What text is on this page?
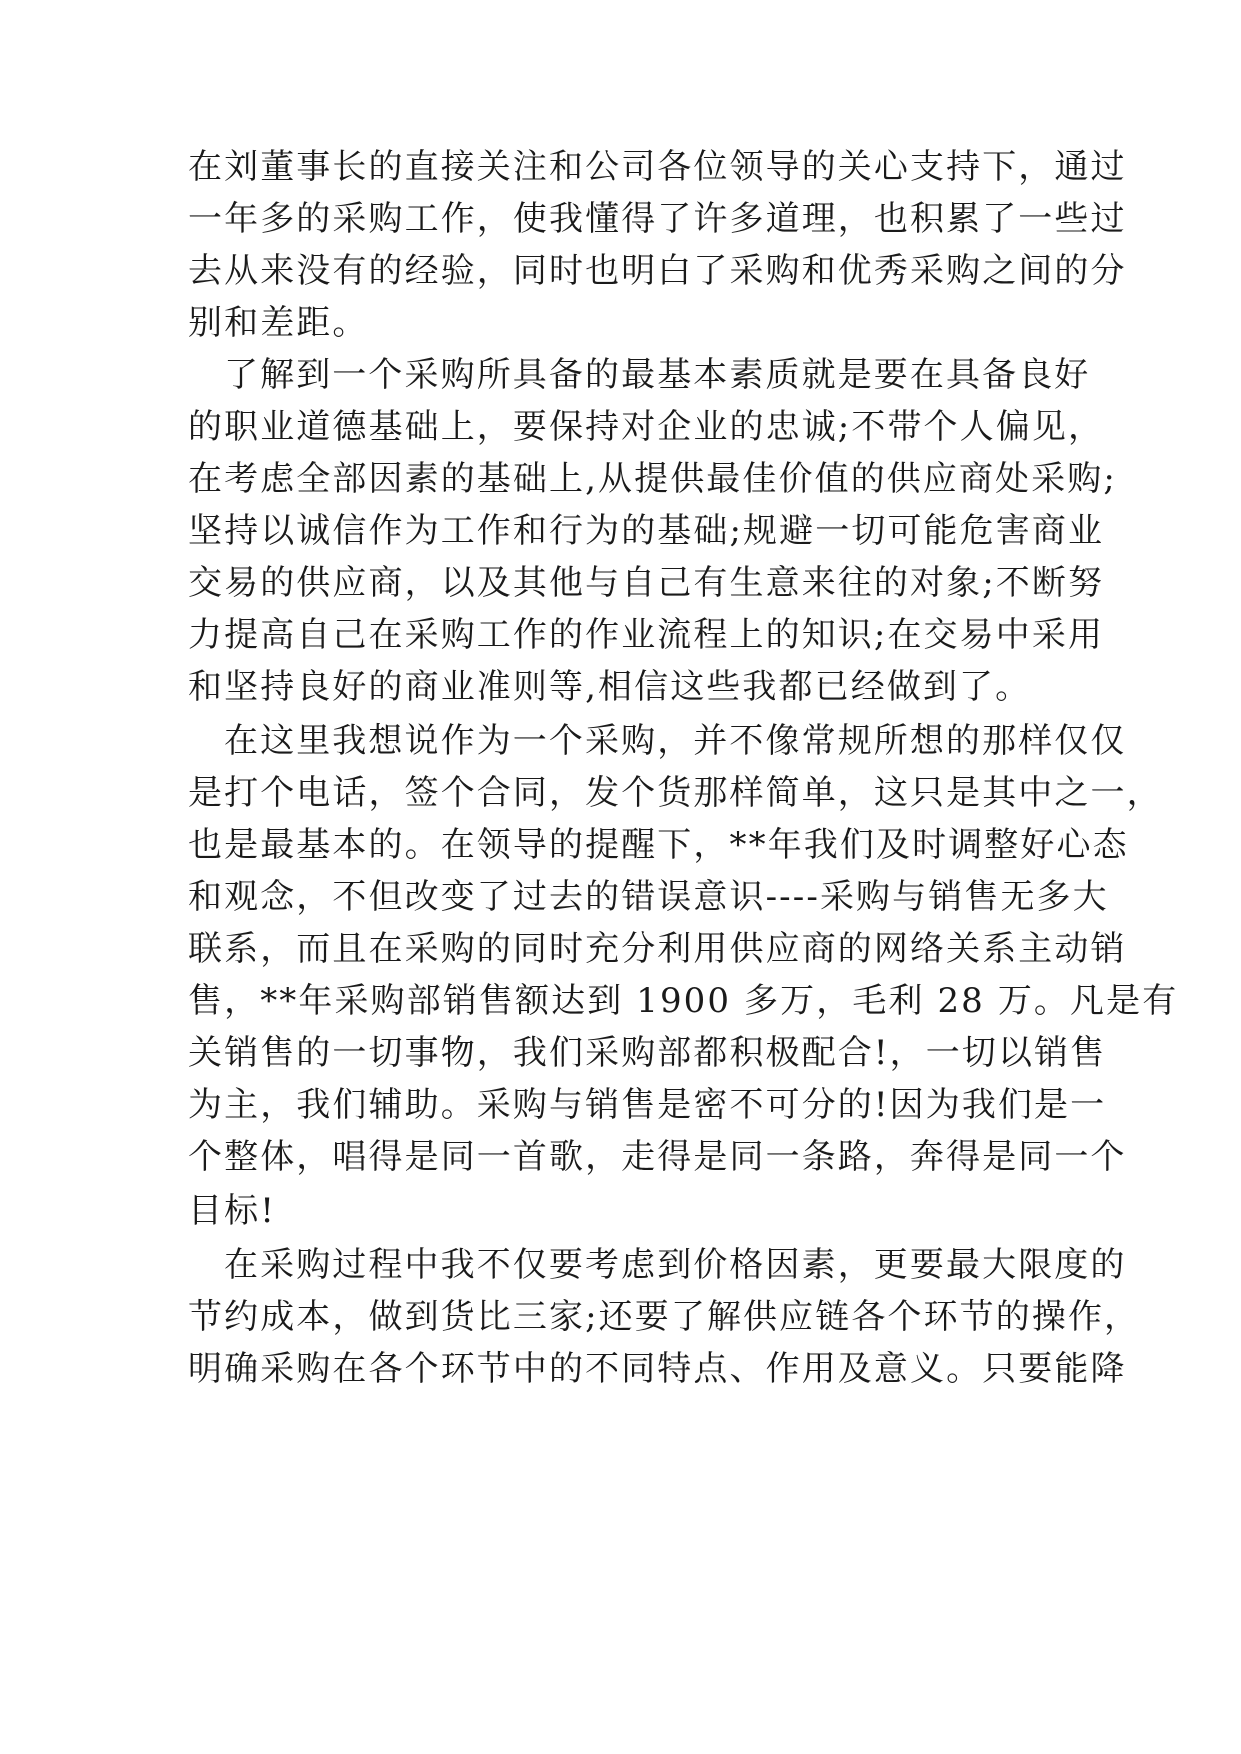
在刘董事长的直接关注和公司各位领导的关心支持下，通过
一年多的采购工作，使我懂得了许多道理，也积累了一些过
去从来没有的经验，同时也明白了采购和优秀采购之间的分
别和差距。
了解到一个采购所具备的最基本素质就是要在具备良好
的职业道德基础上，要保持对企业的忠诚;不带个人偏见，
在考虑全部因素的基础上,从提供最佳价值的供应商处采购;
坚持以诚信作为工作和行为的基础;规避一切可能危害商业
交易的供应商，以及其他与自己有生意来往的对象;不断努
力提高自己在采购工作的作业流程上的知识;在交易中采用
和坚持良好的商业准则等,相信这些我都已经做到了。
在这里我想说作为一个采购，并不像常规所想的那样仅仅
是打个电话，签个合同，发个货那样简单，这只是其中之一，
也是最基本的。在领导的提醒下，**年我们及时调整好心态
和观念，不但改变了过去的错误意识----采购与销售无多大
联系，而且在采购的同时充分利用供应商的网络关系主动销
售，**年采购部销售额达到 1900 多万，毛利 28 万。凡是有
关销售的一切事物，我们采购部都积极配合!，一切以销售
为主，我们辅助。采购与销售是密不可分的!因为我们是一
个整体，唱得是同一首歌，走得是同一条路，奔得是同一个
目标!
在采购过程中我不仅要考虑到价格因素，更要最大限度的
节约成本，做到货比三家;还要了解供应链各个环节的操作，
明确采购在各个环节中的不同特点、作用及意义。只要能降
